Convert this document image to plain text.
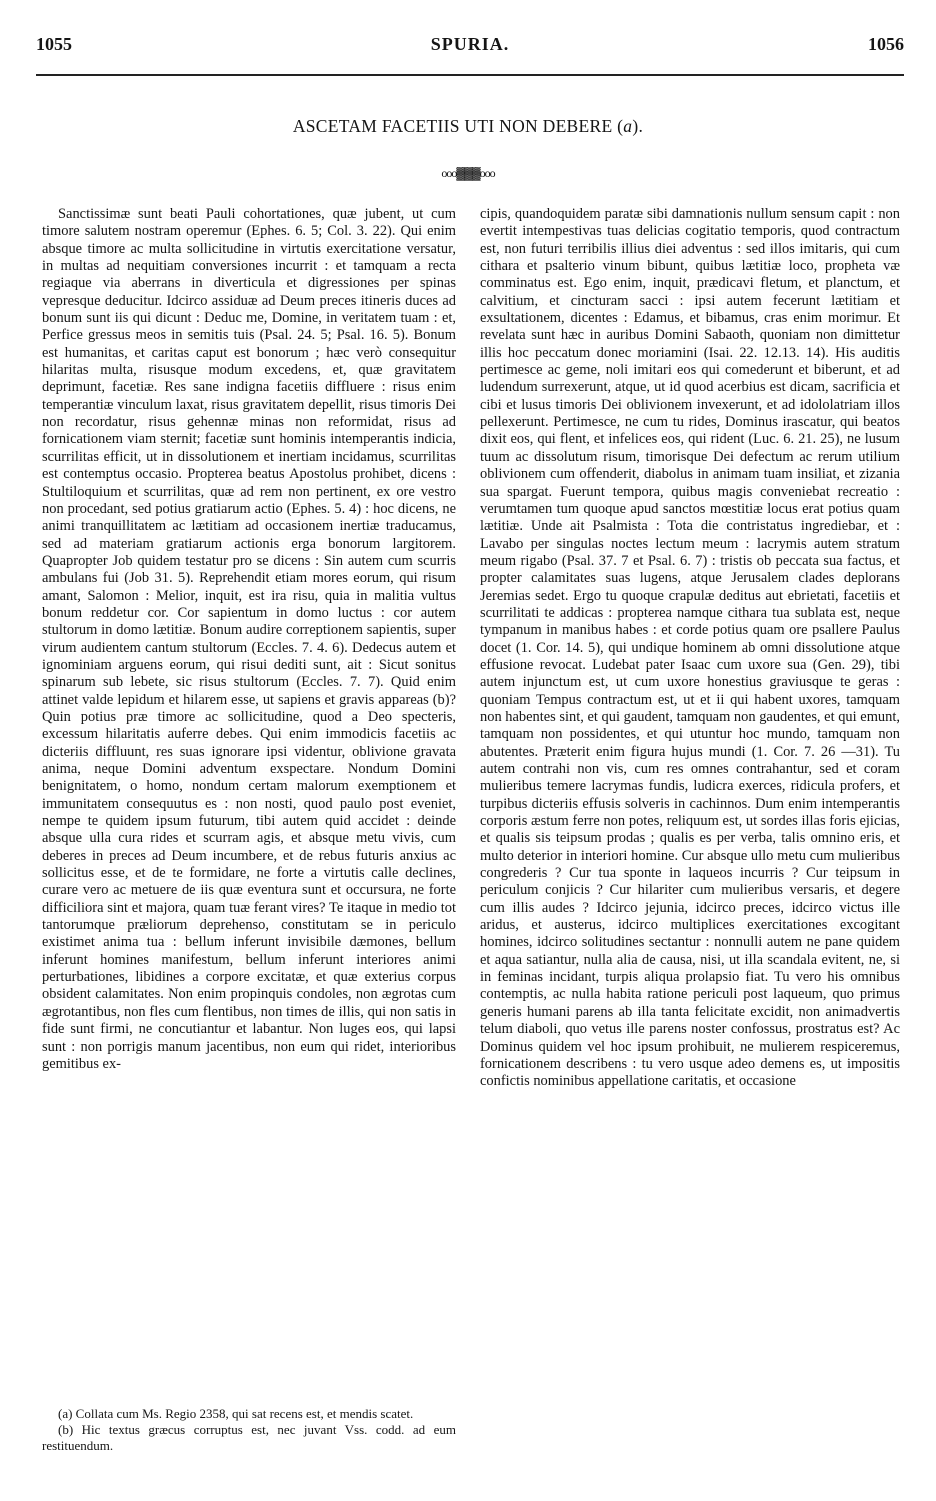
1055	SPURIA.	1056
ASCETAM FACETIIS UTI NON DEBERE (a).
ooo▓▓▓ooo

Sanctissimæ sunt beati Pauli cohortationes, quæ jubent, ut cum timore salutem nostram operemur (Ephes. 6. 5; Col. 3. 22). Qui enim absque timore ac multa sollicitudine in virtutis exercitatione versatur, in multas ad nequitiam conversiones incurrit : et tamquam a recta regiaque via aberrans in diverticula et digressiones per spinas vepresque deducitur. Idcirco assiduæ ad Deum preces itineris duces ad bonum sunt iis qui dicunt : Deduc me, Domine, in veritatem tuam : et, Perfice gressus meos in semitis tuis (Psal. 24. 5; Psal. 16. 5). Bonum est humanitas, et caritas caput est bonorum ; hæc verò consequitur hilaritas multa, risusque modum excedens, et, quæ gravitatem deprimunt, facetiæ. Res sane indigna facetiis diffluere : risus enim temperantiæ vinculum laxat, risus gravitatem depellit, risus timoris Dei non recordatur, risus gehennæ minas non reformidat, risus ad fornicationem viam sternit; facetiæ sunt hominis intemperantis indicia, scurrilitas efficit, ut in dissolutionem et inertiam incidamus, scurrilitas est contemptus occasio. Propterea beatus Apostolus prohibet, dicens : Stultiloquium et scurrilitas, quæ ad rem non pertinent, ex ore vestro non procedant, sed potius gratiarum actio (Ephes. 5. 4) : hoc dicens, ne animi tranquillitatem ac lætitiam ad occasionem inertiæ traducamus, sed ad materiam gratiarum actionis erga bonorum largitorem. Quapropter Job quidem testatur pro se dicens : Sin autem cum scurris ambulans fui (Job 31. 5). Reprehendit etiam mores eorum, qui risum amant, Salomon : Melior, inquit, est ira risu, quia in malitia vultus bonum reddetur cor. Cor sapientum in domo luctus : cor autem stultorum in domo lætitiæ. Bonum audire correptionem sapientis, super virum audientem cantum stultorum (Eccles. 7. 4. 6). Dedecus autem et ignominiam arguens eorum, qui risui dediti sunt, ait : Sicut sonitus spinarum sub lebete, sic risus stultorum (Eccles. 7. 7). Quid enim attinet valde lepidum et hilarem esse, ut sapiens et gravis appareas (b)? Quin potius præ timore ac sollicitudine, quod a Deo specteris, excessum hilaritatis auferre debes. Qui enim immodicis facetiis ac dicteriis diffluunt, res suas ignorare ipsi videntur, oblivione gravata anima, neque Domini adventum exspectare. Nondum Domini benignitatem, o homo, nondum certam malorum exemptionem et immunitatem consequutus es : non nosti, quod paulo post eveniet, nempe te quidem ipsum futurum, tibi autem quid accidet : deinde absque ulla cura rides et scurram agis, et absque metu vivis, cum deberes in preces ad Deum incumbere, et de rebus futuris anxius ac sollicitus esse, et de te formidare, ne forte a virtutis calle declines, curare vero ac metuere de iis quæ eventura sunt et occursura, ne forte difficiliora sint et majora, quam tuæ ferant vires? Te itaque in medio tot tantorumque præliorum deprehenso, constitutam se in periculo existimet anima tua : bellum inferunt invisibile dæmones, bellum inferunt homines manifestum, bellum inferunt interiores animi perturbationes, libidines a corpore excitatæ, et quæ exterius corpus obsident calamitates. Non enim propinquis condoles, non ægrotas cum ægrotantibus, non fles cum flentibus, non times de illis, qui non satis in fide sunt firmi, ne concutiantur et labantur. Non luges eos, qui lapsi sunt : non porrigis manum jacentibus, non eum qui ridet, interioribus gemitibus ex-

cipis, quandoquidem paratæ sibi damnationis nullum sensum capit : non evertit intempestivas tuas delicias cogitatio temporis, quod contractum est, non futuri terribilis illius diei adventus : sed illos imitaris, qui cum cithara et psalterio vinum bibunt, quibus lætitiæ loco, propheta væ comminatus est. Ego enim, inquit, prædicavi fletum, et planctum, et calvitium, et cincturam sacci : ipsi autem fecerunt lætitiam et exsultationem, dicentes : Edamus, et bibamus, cras enim morimur. Et revelata sunt hæc in auribus Domini Sabaoth, quoniam non dimittetur illis hoc peccatum donec moriamini (Isai. 22. 12.13. 14). His auditis pertimesce ac geme, noli imitari eos qui comederunt et biberunt, et ad ludendum surrexerunt, atque, ut id quod acerbius est dicam, sacrificia et cibi et lusus timoris Dei oblivionem invexerunt, et ad idololatriam illos pellexerunt. Pertimesce, ne cum tu rides, Dominus irascatur, qui beatos dixit eos, qui flent, et infelices eos, qui rident (Luc. 6. 21. 25), ne lusum tuum ac dissolutum risum, timorisque Dei defectum ac rerum utilium oblivionem cum offenderit, diabolus in animam tuam insiliat, et zizania sua spargat. Fuerunt tempora, quibus magis conveniebat recreatio : verumtamen tum quoque apud sanctos mœstitiæ locus erat potius quam lætitiæ. Unde ait Psalmista : Tota die contristatus ingrediebar, et : Lavabo per singulas noctes lectum meum : lacrymis autem stratum meum rigabo (Psal. 37. 7 et Psal. 6. 7) : tristis ob peccata sua factus, et propter calamitates suas lugens, atque Jerusalem clades deplorans Jeremias sedet. Ergo tu quoque crapulæ deditus aut ebrietati, facetiis et scurrilitati te addicas : propterea namque cithara tua sublata est, neque tympanum in manibus habes : et corde potius quam ore psallere Paulus docet (1. Cor. 14. 5), qui undique hominem ab omni dissolutione atque effusione revocat. Ludebat pater Isaac cum uxore sua (Gen. 29), tibi autem injunctum est, ut cum uxore honestius graviusque te geras : quoniam Tempus contractum est, ut et ii qui habent uxores, tamquam non habentes sint, et qui gaudent, tamquam non gaudentes, et qui emunt, tamquam non possidentes, et qui utuntur hoc mundo, tamquam non abutentes. Præterit enim figura hujus mundi (1. Cor. 7. 26 —31). Tu autem contrahi non vis, cum res omnes contrahantur, sed et coram mulieribus temere lacrymas fundis, ludicra exerces, ridicula profers, et turpibus dicteriis effusis solveris in cachinnos. Dum enim intemperantis corporis æstum ferre non potes, reliquum est, ut sordes illas foris ejicias, et qualis sis teipsum prodas ; qualis es per verba, talis omnino eris, et multo deterior in interiori homine. Cur absque ullo metu cum mulieribus congrederis ? Cur tua sponte in laqueos incurris ? Cur teipsum in periculum conjicis ? Cur hilariter cum mulieribus versaris, et degere cum illis audes ? Idcirco jejunia, idcirco preces, idcirco victus ille aridus, et austerus, idcirco multiplices exercitationes excogitant homines, idcirco solitudines sectantur : nonnulli autem ne pane quidem et aqua satiantur, nulla alia de causa, nisi, ut illa scandala evitent, ne, si in feminas incidant, turpis aliqua prolapsio fiat. Tu vero his omnibus contemptis, ac nulla habita ratione periculi post laqueum, quo primus generis humani parens ab illa tanta felicitate excidit, non animadvertis telum diaboli, quo vetus ille parens noster confossus, prostratus est? Ac Dominus quidem vel hoc ipsum prohibuit, ne mulierem respiceremus, fornicationem describens : tu vero usque adeo demens es, ut impositis confictis nominibus appellatione caritatis, et occasione

(a) Collata cum Ms. Regio 2358, qui sat recens est, et mendis scatet.

(b) Hic textus græcus corruptus est, nec juvant Vss. codd. ad eum restituendum.
